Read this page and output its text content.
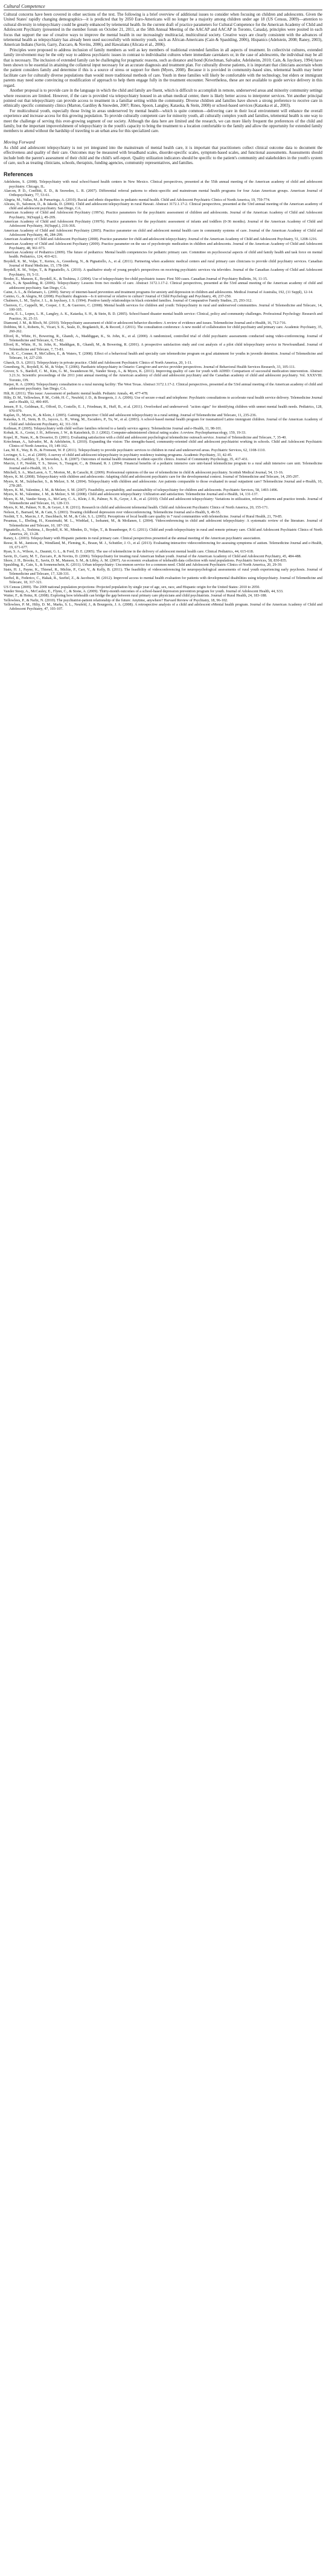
Cultural Competence

Cultural concerns have been covered in other sections of the text. The following is a brief overview of additional issues to consider when focusing on children and adolescents. Given the United States' rapidly changing demographics—it is predicted that by 2050 Euro-Americans will no longer be a majority among children under age 18 (US Census, 2009)—attention to cultural diversity in telepsychiatry could be greatly enhanced by telemental health. In the current draft of practice parameters for Cultural Competence for the American Academy of Child and Adolescent Psychiatry (presented in the member forum on October 21, 2011, at the 58th Annual Meeting of the AACAP and AACAP in Toronto, Canada), principles were posited in each focus that support the use of creative ways to improve the mental health in our increasingly multiracial, multicultural society. Creative ways are clearly consistent with the advances of telemental health as telepsychiatry has already been used successfully with minority youth, such as African-Americans (Cain & Spaulding, 2006), Hispanics (Adelstein, 2008; Raney, 2003), American Indians (Savin, Garry, Zuccaro, & Novins, 2006), and Hawaiians (Alicata et al., 2006).

Principles were proposed to address inclusion of family members as well as key members of traditional extended families in all aspects of treatment. In collectivist cultures, extended family involvement may be the only way to address psychiatric issues in contrast to individualist cultures where immediate caretakers or, in the case of adolescents, the individual may be all that is necessary. The inclusion of extended family can be challenging for pragmatic reasons, such as distance and bond (Kriechman, Salvador, Adelsheim, 2010; Cain, & Jaycksey, 1994) have been shown to be essential in attaining the collateral input necessary for an accurate diagnosis and treatment plan. For culturally diverse patients, it is important that clinicians ascertain whom the patient considers family and determine if this is a source of stress or support for them (Myers, 2008). Because it is provided in community-based sites, telemental health may better facilitate care for culturally diverse populations than would more traditional methods of care. Youth in these families will likely be comfortable with the technology, but elders or immigrant parents may need some convincing or modification of approach to help them engage fully in the treatment encounter. Nevertheless, these are not available to guide service delivery in this regard.

Another proposal is to provide care in the language in which the child and family are fluent, which is difficult to accomplish in remote, underserved areas and minority community settings where resources are limited. However, if the care is provided via telepsychiatry housed in an urban medical center, there is likely better access to interpreter services. Yet another principal pointed out that telepsychiatry can provide access to treatment in a familiar setting within the community. Diverse children and families have shown a strong preference to receive care in ethnically specific community clinics (Marton, Gardiley & Snowden, 2007; Rines, Spoon, Langley, Kataoka, & Stein, 2008) or school-based services (Kataoka et al., 2003).

For multicultural youth, especially those living in areas underserved by mental health—which is quite common—delivering care in their local environment will enhance the overall experience and increase access for this growing population. To provide culturally competent care for minority youth, all culturally complex youth and families, telemental health is one way to meet the challenge of serving this ever-growing segment of our society. Although the data here are limited and the research, we can more likely frequent the preferences of the child and family, but the important impoverishment of telepsychiatry in the youth's capacity to bring the treatment to a location comfortable to the family and allow the opportunity for extended family members to attend without the hardship of traveling to an urban area for this specialized care.

Moving Forward

As child and adolescent telepsychiatry is not yet integrated into the mainstream of mental health care, it is important that practitioners collect clinical outcome data to document the effectiveness and quality of their care. Outcomes may be measured with broadband scales, disorder-specific scales, symptom-based scales, and functional assessments. Assessments should include both the parent's assessment of their child and the child's self-report. Quality utilization indicators should be specific to the patient's community and stakeholders in the youth's system of care, such as treating clinicians, schools, therapists, funding agencies, community representatives, and families.

References

Adelsheim, S. (2008). Telepsychiatry with rural school-based health centers in New Mexico. Clinical perspectives, presented at the 55th annual meeting of the American academy of child and adolescent psychiatry. Chicago, IL.

Alarcon, P. D., Conflitti, E. D., & Snowden, L. R. (2007). Differential referral patterns to ethnic-specific and mainstream mental health programs for four Asian American groups. American Journal of Orthopsychiatry, 77, 53-61.

Alegria, M., Vallas, M., & Pumariega, A. (2010). Racial and ethnic disparities in pediatric mental health. Child and Adolescent Psychiatric Clinics of North America, 19, 759-774.

Alicata, D., Salomon, D., & Jakeda, D. (2006). Child and adolescent telepsychiatry in rural Hawaii. Abstract 3172.1.17-2. Clinical perspectives, presented at the 53rd annual meeting of the American academy of child and adolescent psychiatry. San Diego, CA.

American Academy of Child and Adolescent Psychiatry (1997a). Practice parameters for the psychiatric assessment of children and adolescents. Journal of the American Academy of Child and Adolescent Psychiatry, 36(Suppl.), 4S-20S.

American Academy of Child and Adolescent Psychiatry (1997b). Practice parameters for the psychiatric assessment of infants and toddlers (0-36 months). Journal of the American Academy of Child and Adolescent Psychiatry, 36(Suppl.), 21S-36S.

American Academy of Child and Adolescent Psychiatry (2005). Practice parameter on child and adolescent mental health care in community systems of care. Journal of the American Academy of Child and Adolescent Psychiatry, 46, 284-299.

American Academy of Child and Adolescent Psychiatry (2008). Practice parameter for child and adolescent telepsychiatry. Journal of the American Academy of Child and Adolescent Psychiatry, 51, 1208-1216.

American Academy of Child and Adolescent Psychiatry (2009). Practice parameter on the use of psychotropic medication in children and adolescents. Journal of the American Academy of Child and Adolescent Psychiatry, 48, 961-973.

American Academy of Pediatrics (2009). The future of pediatrics: Mental health competencies for pediatric primary care. Committee on psychosocial aspects of child and family health and task force on mental health. Pediatrics, 124, 410-421.

Boydell, K. M., Volpe, T., Kertes, A., Greenberg, N., & Pignatiello, A., et al. (2011). Partnering when academic medical centers and rural primary care clinicians to provide child psychiatry services. Canadian Journal of Rural Medicine, 15, 178-184.

Boydell, K. M., Volpe, T., & Pignatiello, A. (2010). A qualitative study of young people's perspectives on receiving psychiatric services via televideo. Journal of the Canadian Academy of Child and Adolescent Psychiatry, 19, 5-11.

Broder, E., Manson, E., Boydell, K., & Teshima, J. (2004). Use of telepsychiatry for child psychiatric issues: First 500 cases. Canadian Journal of Psychiatry Bulletin, 36, 11-15.

Cain, S., & Spaulding, R. (2006). Telepsychiatry: Lessons from two models of care. Abstract 3172.1.17-2. Clinical perspectives, presented at the 53rd annual meeting of the American academy of child and adolescent psychiatry. San Diego, CA.

Caine, A. L., & Delamaro, L. (2000). Survey of internet-based prevention and treatment programs for anxiety and depression in children and adolescents. Medical Journal of Australia, 192, (11 Suppl), 12-14.

Canino, G., & Alegria, M. (2008). Psychiatric diagnosis—Is it universal or relative to culture? Journal of Child Psychology and Psychiatry, 49, 237-250.

Chalmers, L. M., Taylor, J. L., & Jaycksey, J. S. (1994). Positive family relationships in black extended families. Journal of Comparative Family Studies, 25, 293-312.

Chenven, C., Cappelli, M., Cooper, J. E., & Guerrero, C. (2008). Mental health services for children and youth: Telepsychiatry in rural and underserved communities. Journal of Telemedicine and Telecare, 14, 100-105.

Garcia, E. L., Lopez, L. H., Langley, A. K., Kataoka, S. H., & Stein, B. D. (2005). School-based disaster mental health service: Clinical, policy and community challenges. Professional Psychology: Research and Practice, 36, 25-33.

Diamond, J. M., & Bloch, M. (2010). Telepsychiatry assessment of child or adolescent behavior disorders: A review of evidence and issues. Telemedicine Journal and e-Health, 16, 712-716.

Dobbins, M. I., Roberts, N., Vicari, S. K., Seale, D., Bogdanich, R., & Record, J. (2011). The consultation conference: A new model of collaboration for child psychiatry and primary care. Academic Psychiatry, 35, 260-262.

Elford, R., White, H., Bowering, R., Ghandi, A., Maddiggan, K., St. John, K., et al. (2000). A randomized, controlled trial of child psychiatric assessments conducted using video-conferencing. Journal of Telemedicine and Telecare, 6, 73-82.

Elford, R., White, H., St. John, K., Maddigan, B., Ghandi, M., & Bowering, R. (2001). A prospective satisfaction study and cost analysis of a pilot child telepsychiatry service in Newfoundland. Journal of Telemedicine and Telecare, 7, 73-81.

Fox, K. C., Conner, P., McCullers, E., & Waters, T. (2008). Effect of a behavioral health and specialty care telemedicine program on goal attainment for youths in juvenile detention. Journal of Telemedicine and Telecare, 14, 227-230.

Glueck, D. A. (2011). Telepsychiatry in private practice. Child and Adolescent Psychiatric Clinics of North America, 20, 1-11.

Greenberg, N., Boydell, K. M., & Volpe, T. (2006). Paediatric telepsychiatry in Ontario: Caregiver and service provider perspectives. Journal of Behavioral Health Services Research, 33, 105-111.

Grover, S. S., Bardoff, C. M., Kim, G. M., Swanderson M., Vander Stoep, A., & Myers, K. (2011). Improving quality of care for youth with ADHD: Comparison of successful medication intervention. Abstract 3.21.3c. Scientific proceedings of the 2011 joint annual meeting of the American academy of child and adolescent psychiatry and the Canadian academy of child and adolescent psychiatry. Vol. XXXVIII. Toronto, ON.

Harper, R. A. (2006). Telepsychiatry consultation to a rural nursing facility: The West Texas. Abstract 3172.1.17-2. Clinical perspectives, presented at the 53rd annual meeting of the American academy of child and adolescent psychiatry. San Diego, CA.

Hilt, R. (2011). This issue: Assessment of pediatric mental health. Pediatric Annals, 40, 477-478.

Hilty, D. M., Yellowlees, P. M., Cobb, H. C., Neufeld, J. D., & Bourgeois, J. A. (2006). Use of secure e-mail and telephone: Psychiatric consultations to accelerate rural health service delivery. Telemedicine Journal and e-Health, 12, 490-495.

Jensen, P. S., Goldman, E., Offord, D., Costello, E. J., Friedman, R., Huff, B., et al. (2011). Overlooked and underserved: "action signs" for identifying children with unmet mental health needs. Pediatrics, 128, 970-979.

Kaplan, D., Myers, K., & Klein, J. (2005). Gaining perspective: Child and adolescent telepsychiatry in a rural setting. Journal of Telemedicine and Telecare, 11, 235-236.

Kataoka, S. H., Stein, B. D., Jaycox, L. H., Wong, M., Escudero, P., Tu, W., et al. (2003). A school-based mental health program for traumatized Latino immigrant children. Journal of the American Academy of Child and Adolescent Psychiatry, 42, 311-318.

Keilman, P. (2005). Telepsychiatry with child welfare families referred to a family service agency. Telemedicine Journal and e-Health, 11, 98-101.

Kobak, K. A., Greist, J. H., Jefferson, J. W., & Katzelnick, D. J. (2002). Computer-administered clinical rating scales: A review. Psychopharmacology, 159, 19-33.

Kopel, H., Nunn, K., & Dossetor, D. (2001). Evaluating satisfaction with a child and adolescent psychological telemedicine outreach service. Journal of Telemedicine and Telecare, 7, 35-40.

Kriechman, A., Salvador, M., & Adelsheim, S. (2010). Expanding the vision: The strengths-based, community-oriented child and adolescent psychiatrist working in schools. Child and Adolescent Psychiatric Clinics of North America, 19, 149-162.

Lau, M. E., Way, B. B., & Fremont, W. P. (2011). Telepsychiatry to provide psychiatric services to children in rural and underserved areas. Psychiatric Services, 62, 1108-1110.

Lovinger, S. L., et al. (2009). A survey of child and adolescent telepsychiatry in psychiatry residency training programs. Academic Psychiatry, 33, 42-45.

Marton, E., Gardiley, T., & Snowden, L. R. (2007). Outcomes of mental health treatment in ethnic-specific clinics. Journal of Community Psychology, 35, 417-431.

Marcin, J. P., Nesbitt, T. S., Struve, S., Traugott, C., & Dimand, R. J. (2004). Financial benefits of a pediatric intensive care unit-based telemedicine program to a rural adult intensive care unit. Telemedicine Journal and e-Health, 10, 1-5.

Mitchell, S. A., MacLaren, A. T., Morton, M., & Carachi, R. (2009). Professional opinions of the use of telemedicine in child & adolescent psychiatry. Scottish Medical Journal, 54, 13-16.

Myers, K. M. (2008). Telepsychiatry with children and adolescents: Adapting child and adolescent psychiatric care for the developmental context. Journal of Telemedicine and Telecare, 14, 295-297.

Myers, K. M., Sulzbacher, S., & Melzer, S. M. (2004). Telepsychiatry with children and adolescents: Are patients comparable to those evaluated in usual outpatient care? Telemedicine Journal and e-Health, 10, 278-285.

Myers, K. M., Valentine, J. M., & Melzer, S. M. (2007). Feasibility, acceptability, and sustainability of telepsychiatry for children and adolescents. Psychiatric Services, 58, 1493-1496.

Myers, K. M., Valentine, J. M., & Melzer, S. M. (2008). Child and adolescent telepsychiatry: Utilization and satisfaction. Telemedicine Journal and e-Health, 14, 131-137.

Myers, K. M., Vander Stoep, A., McCarty, C. A., Klein, J. B., Palmer, N. B., Geyer, J. R., et al. (2010). Child and adolescent telepsychiatry: Variations in utilization, referral patterns and practice trends. Journal of Telemedicine and Telecare, 16, 128-133.

Myers, K. M., Palmer, N. B., & Geyer, J. R. (2011). Research in child and adolescent telemental health. Child and Adolescent Psychiatric Clinics of North America, 20, 155-171.

Nelson, E., Barnard, M., & Cain, S. (2003). Treating childhood depression over videoconferencing. Telemedicine Journal and e-Health, 9, 49-55.

Nesbitt, T. S., Marcin, J. P., Daschbach, M. M., & Cole, S. L. (2005). Perceptions of local health care quality in 7 rural communities with telemedicine. Journal of Rural Health, 21, 79-85.

Pesamaa, L., Ebeling, H., Kuusimaki, M. L., Winblad, I., Isohanni, M., & Moilanen, I. (2004). Videoconferencing in child and adolescent telepsychiatry: A systematic review of the literature. Journal of Telemedicine and Telecare, 10, 187-192.

Pignatiello, A., Teshima, J., Boydell, K. M., Minden, D., Volpe, T., & Braunberger, P. G. (2011). Child and youth telepsychiatry in rural and remote primary care. Child and Adolescent Psychiatric Clinics of North America, 20, 13-28.

Raney, L. (2003). Telepsychiatry with Hispanic patients in rural primary care. Clinical perspectives presented at the annual meeting of the American psychiatric association.

Reese, R. M., Jamison, R., Wendland, M., Fleming, K., Braun, M. J., Schuttler, J. O., et al. (2013). Evaluating interactive videoconferencing for assessing symptoms of autism. Telemedicine Journal and e-Health, 19, 671-677.

Ryan, S. A., Wilson, A., Daumit, G. L., & Ford, D. E. (2005). The use of telemedicine in the delivery of adolescent mental health care. Clinical Pediatrics, 44, 615-618.

Savin, D., Garry, M. T., Zuccaro, P., & Novins, D. (2006). Telepsychiatry for treating rural American Indian youth. Journal of the American Academy of Child and Adolescent Psychiatry, 45, 484-488.

Shore, J. H., Brooks, E., Savin, D. M., Manson, S. M., & Libby, A. M. (2007). An economic evaluation of telehealth data collection with rural populations. Psychiatric Services, 58, 830-835.

Spaulding, R., Cain, S., & Sonnenschein, K. (2011). Urban telepsychiatry: Uncommon service for a common need. Child and Adolescent Psychiatric Clinics of North America, 20, 29-39.

Stain, H. J., Payne, K., Thienel, R., Michie, P., Carr, V., & Kelly, B. (2011). The feasibility of videoconferencing for neuropsychological assessments of rural youth experiencing early psychosis. Journal of Telemedicine and Telecare, 17, 328-331.

Szeftel, R., Federico, C., Hakak, R., Szeftel, Z., & Jacobson, M. (2012). Improved access to mental health evaluation for patients with developmental disabilities using telepsychiatry. Journal of Telemedicine and Telecare, 18, 317-321.

US Census (2009). The 2009 national population projections: Projected population by single year of age, sex, race, and Hispanic origin for the United States: 2010 to 2050.

Vander Stoep, A., McCauley, E., Flynn, C., & Stone, A. (2009). Thirty-month outcomes of a school-based depression prevention program for youth. Journal of Adolescent Health, 44, S33.

Waiter, F., & Heinz, R. (2008). Exploring how telehealth can bridge the gap between rural primary care physicians and child psychiatrists. Journal of Rural Health, 24, 183-188.

Yellowlees, P., & Nafiz, N. (2010). The psychiatrist-patient relationship of the future: Anytime, anywhere? Harvard Review of Psychiatry, 18, 96-102.

Yellowlees, P. M., Hilty, D. M., Marks, S. L., Neufeld, J., & Bourgeois, J. A. (2008). A retrospective analysis of a child and adolescent eMental health program. Journal of the American Academy of Child and Adolescent Psychiatry, 47, 103-107.
